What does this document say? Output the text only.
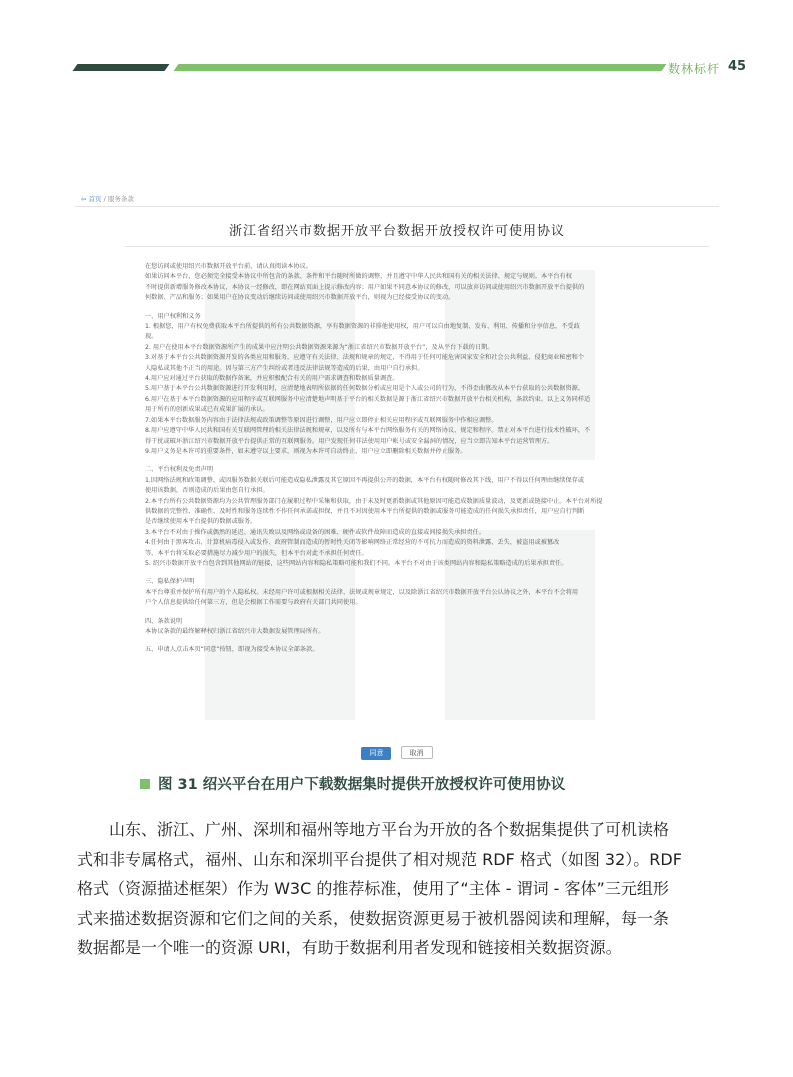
数林标杆 45
⇦ 首页 / 服务条款
浙江省绍兴市数据开放平台数据开放授权许可使用协议

在您访问或使用绍兴市数据开放平台前，请认真阅读本协议。

如果访问本平台，您必须完全接受本协议中所包含的条款、条件和平台随时所做的调整，并且遵守中华人民共和国有关的相关法律、规定与规则。本平台有权

不时提供新增服务修改本协议，本协议一经修改，即在网站页面上提示修改内容；用户如果不同意本协议的修改，可以放弃访问或使用绍兴市数据开放平台提供的

何数据、产品和服务；如果用户在协议变动后继续访问或使用绍兴市数据开放平台，则视为已经接受协议的变动。

一、用户权利和义务

1. 根据您，用户有权免费获取本平台所提供的所有公共数据资源，享有数据资源的非排他使用权，用户可以自由地复制、发布、利用、传播和分享信息，不受歧

视。

2. 用户在使用本平台数据资源所产生的成果中应注明公共数据资源来源为“浙江省绍兴市数据开放平台”，及从平台下载的日期。

3.对基于本平台公共数据资源开发的各类应用和服务，应遵守有关法律、法规和规章的规定，不得用于任何可能危害国家安全和社会公共利益、侵犯商业秘密和个

人隐私或其他不正当的用途。因与第三方产生纠纷或者违反法律法规等造成的后果，由用户自行承担。

4.用户应对通过平台获取的数据作备案，并应积极配合有关的用户需求调查和数据质量调查。

5.用户基于本平台公共数据资源进行开发利用时，应清楚地表明所依据的任何数据分析或应用是个人或公司的行为，不得歪曲篡改从本平台获取的公共数据资源。

6.用户在基于本平台数据资源的应用程序或互联网服务中应清楚地声明基于平台的相关数据是源于浙江省绍兴市数据开放平台相关机构，条款约束。以上义务同样适

用于所有的创新成果或已有成果扩展的承认。

7.如果本平台数据服务内容由于法律法规或政策调整等原因进行调整，用户应立即停止相关应用程序或互联网服务中作相应调整。

8.用户应遵守中华人民共和国有关互联网管理的相关法律法规和规章，以及所有与本平台网络服务有关的网络协议、规定和程序。禁止对本平台进行技术性破坏，不

得干扰或破坏浙江绍兴市数据开放平台提供正常的互联网服务。用户发现任何非法使用用户帐号或安全漏洞的情况，应当立即告知本平台运营管理方。

9.用户义务是本许可的重要条件，如未遵守以上要求，则视为本许可自动终止，用户应立即删除相关数据并停止服务。

二、平台权利及免责声明

1.因网络法规和政策调整、或因服务数据关联后可能造成隐私泄露及其它原因不再提供公开的数据，本平台有权随时修改其下线，用户不得以任何理由继续保存或

使用该数据，否则造成的后果由您自行承担。

2.本平台所有公共数据资源均为公共管理服务部门在履职过程中采集和获取，由于未及时更新数据或其他原因可能造成数据质量波动，及更新或链接中止。本平台对所提

供数据的完整性、准确性、及时性和服务连续性不作任何承诺或担保，并且不对因使用本平台所提供的数据或服务可能造成的任何损失承担责任，用户应自行判断

是否继续使用本平台提供的数据或服务。

3.本平台不对由于操作或偶然的延迟、通讯失败以及网络或设备的困难、硬件或软件故障而造成的直接或间接损失承担责任。

4.任何由于黑客攻击、计算机病毒侵入或发作、政府管制而造成的暂时性关闭等影响网络正常经营的不可抗力而造成的资料泄露、丢失、被盗用或被篡改

等，本平台将采取必要措施尽力减少用户的损失，但本平台对此不承担任何责任。

5. 绍兴市数据开放平台包含到其他网站的链接，这些网站内容和隐私策略可能和我们不同。本平台不对由于该类网站内容和隐私策略造成的后果承担责任。

三、隐私保护声明

本平台尊重并保护所有用户的个人隐私权。未经用户许可或根据相关法律、法规或规章规定，以及除浙江省绍兴市数据开放平台公认协议之外，本平台不会将用

户个人信息提供给任何第三方，但是会根据工作需要与政府有关部门共同使用。

四、条款说明

本协议条款的最终解释权归浙江省绍兴市大数据发展管理局所有。

五、申请人点击本页“同意”按钮，即视为接受本协议全部条款。

同意	取消
图 31 绍兴平台在用户下载数据集时提供开放授权许可使用协议
山东、浙江、广州、深圳和福州等地方平台为开放的各个数据集提供了可机读格
式和非专属格式，福州、山东和深圳平台提供了相对规范 RDF 格式（如图 32）。RDF
格式（资源描述框架）作为 W3C 的推荐标准，使用了“主体 - 谓词 - 客体”三元组形
式来描述数据资源和它们之间的关系，使数据资源更易于被机器阅读和理解，每一条
数据都是一个唯一的资源 URI，有助于数据利用者发现和链接相关数据资源。
